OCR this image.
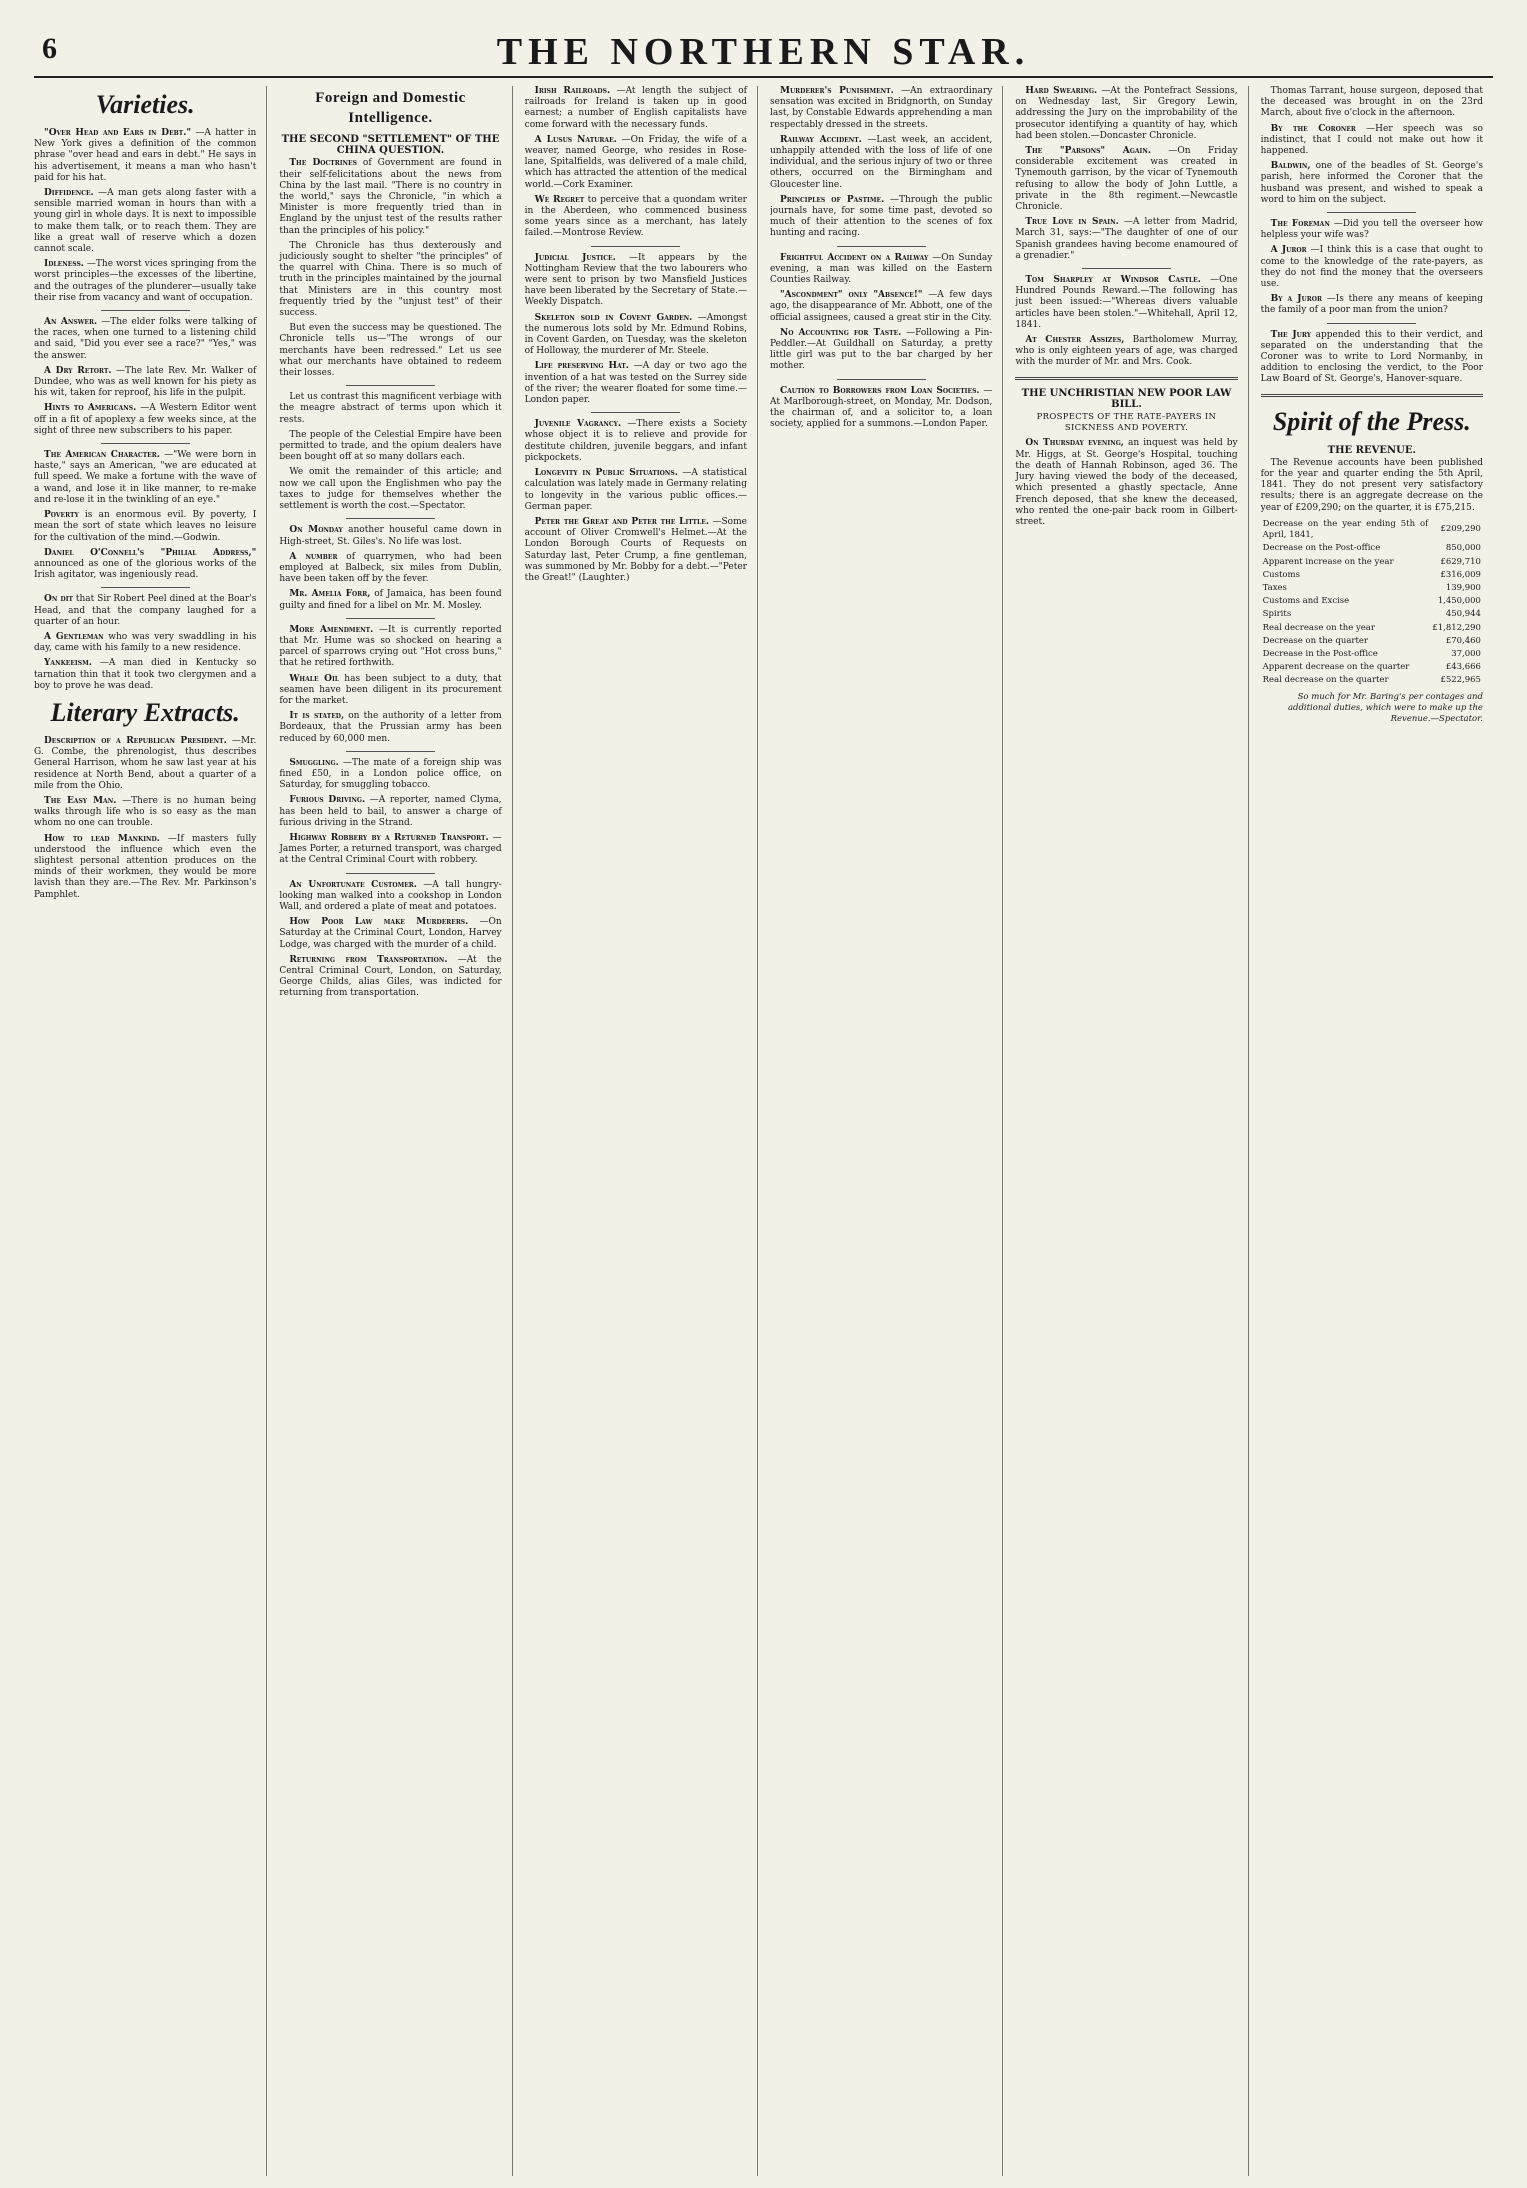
6	THE NORTHERN STAR.
Varieties.

"Over Head and Ears in Debt." —A hatter in New York gives a definition of the common phrase "over head and ears in debt." He says in his advertisement, it means a man who hasn't paid for his hat.

Diffidence. —A man gets along faster with a sensible married woman in hours than with a young girl in whole days. It is next to impossible to make them talk, or to reach them. They are like a great wall of reserve which a dozen cannot scale.

Idleness. —The worst vices springing from the worst principles—the excesses of the libertine, and the outrages of the plunderer—usually take their rise from vacancy and want of occupation.

An Answer. —The elder folks were talking of the races, when one turned to a listening child and said, "Did you ever see a race?" "Yes," was the answer.

A Dry Retort. —The late Rev. Mr. Walker of Dundee, who was as well known for his piety as his wit, taken for reproof, his life in the pulpit.

Hints to Americans. —A Western Editor went off in a fit of apoplexy a few weeks since, at the sight of three new subscribers to his paper.

The American Character. —"We were born in haste," says an American, "we are educated at full speed. We make a fortune with the wave of a wand, and lose it in like manner, to re-make and re-lose it in the twinkling of an eye."

Poverty is an enormous evil. By poverty, I mean the sort of state which leaves no leisure for the cultivation of the mind.—Godwin.

Daniel O'Connell's "Philial Address," announced as one of the glorious works of the Irish agitator, was ingeniously read.

On dit that Sir Robert Peel dined at the Boar's Head, and that the company laughed for a quarter of an hour.

A Gentleman who was very swaddling in his day, came with his family to a new residence.

Yankeeism. —A man died in Kentucky so tarnation thin that it took two clergymen and a boy to prove he was dead.

Literary Extracts.

Description of a Republican President. —Mr. G. Combe, the phrenologist, thus describes General Harrison, whom he saw last year at his residence at North Bend, about a quarter of a mile from the Ohio.

The Easy Man. —There is no human being walks through life who is so easy as the man whom no one can trouble.

How to lead Mankind. —If masters fully understood the influence which even the slightest personal attention produces on the minds of their workmen, they would be more lavish than they are.—The Rev. Mr. Parkinson's Pamphlet.

Foreign and Domestic Intelligence.
THE SECOND "SETTLEMENT" OF THE CHINA QUESTION.

The Doctrines of Government are found in their self-felicitations about the news from China by the last mail. "There is no country in the world," says the Chronicle, "in which a Minister is more frequently tried than in England by the unjust test of the results rather than the principles of his policy."

The Chronicle has thus dexterously and judiciously sought to shelter "the principles" of the quarrel with China. There is so much of truth in the principles maintained by the journal that Ministers are in this country most frequently tried by the "unjust test" of their success.

But even the success may be questioned. The Chronicle tells us—"The wrongs of our merchants have been redressed." Let us see what our merchants have obtained to redeem their losses.

Let us contrast this magnificent verbiage with the meagre abstract of terms upon which it rests.

The people of the Celestial Empire have been permitted to trade, and the opium dealers have been bought off at so many dollars each.

We omit the remainder of this article; and now we call upon the Englishmen who pay the taxes to judge for themselves whether the settlement is worth the cost.—Spectator.

On Monday another houseful came down in High-street, St. Giles's. No life was lost.

A number of quarrymen, who had been employed at Balbeck, six miles from Dublin, have been taken off by the fever.

Mr. Amelia Forr, of Jamaica, has been found guilty and fined for a libel on Mr. M. Mosley.

More Amendment. —It is currently reported that Mr. Hume was so shocked on hearing a parcel of sparrows crying out "Hot cross buns," that he retired forthwith.

Whale Oil has been subject to a duty, that seamen have been diligent in its procurement for the market.

It is stated, on the authority of a letter from Bordeaux, that the Prussian army has been reduced by 60,000 men.

Smuggling. —The mate of a foreign ship was fined £50, in a London police office, on Saturday, for smuggling tobacco.

Furious Driving. —A reporter, named Clyma, has been held to bail, to answer a charge of furious driving in the Strand.

Highway Robbery by a Returned Transport. —James Porter, a returned transport, was charged at the Central Criminal Court with robbery.

An Unfortunate Customer. —A tall hungry-looking man walked into a cookshop in London Wall, and ordered a plate of meat and potatoes.

How Poor Law make Murderers. —On Saturday at the Criminal Court, London, Harvey Lodge, was charged with the murder of a child.

Returning from Transportation. —At the Central Criminal Court, London, on Saturday, George Childs, alias Giles, was indicted for returning from transportation.

Irish Railroads. —At length the subject of railroads for Ireland is taken up in good earnest; a number of English capitalists have come forward with the necessary funds.

A Lusus Naturae. —On Friday, the wife of a weaver, named George, who resides in Rose-lane, Spitalfields, was delivered of a male child, which has attracted the attention of the medical world.—Cork Examiner.

We Regret to perceive that a quondam writer in the Aberdeen, who commenced business some years since as a merchant, has lately failed.—Montrose Review.

Judicial Justice. —It appears by the Nottingham Review that the two labourers who were sent to prison by two Mansfield Justices have been liberated by the Secretary of State.—Weekly Dispatch.

Skeleton sold in Covent Garden. —Amongst the numerous lots sold by Mr. Edmund Robins, in Covent Garden, on Tuesday, was the skeleton of Holloway, the murderer of Mr. Steele.

Life preserving Hat. —A day or two ago the invention of a hat was tested on the Surrey side of the river; the wearer floated for some time.—London paper.

Juvenile Vagrancy. —There exists a Society whose object it is to relieve and provide for destitute children, juvenile beggars, and infant pickpockets.

Longevity in Public Situations. —A statistical calculation was lately made in Germany relating to longevity in the various public offices.—German paper.

Peter the Great and Peter the Little. —Some account of Oliver Cromwell's Helmet.—At the London Borough Courts of Requests on Saturday last, Peter Crump, a fine gentleman, was summoned by Mr. Bobby for a debt.—"Peter the Great!" (Laughter.)

Murderer's Punishment. —An extraordinary sensation was excited in Bridgnorth, on Sunday last, by Constable Edwards apprehending a man respectably dressed in the streets.

Railway Accident. —Last week, an accident, unhappily attended with the loss of life of one individual, and the serious injury of two or three others, occurred on the Birmingham and Gloucester line.

Principles of Pastime. —Through the public journals have, for some time past, devoted so much of their attention to the scenes of fox hunting and racing.

Frightful Accident on a Railway —On Sunday evening, a man was killed on the Eastern Counties Railway.

"Ascondment" only "Absence!" —A few days ago, the disappearance of Mr. Abbott, one of the official assignees, caused a great stir in the City.

No Accounting for Taste. —Following a Pin-Peddler.—At Guildhall on Saturday, a pretty little girl was put to the bar charged by her mother.

Caution to Borrowers from Loan Societies. —At Marlborough-street, on Monday, Mr. Dodson, the chairman of, and a solicitor to, a loan society, applied for a summons.—London Paper.

Hard Swearing. —At the Pontefract Sessions, on Wednesday last, Sir Gregory Lewin, addressing the Jury on the improbability of the prosecutor identifying a quantity of hay, which had been stolen.—Doncaster Chronicle.

The "Parsons" Again. —On Friday considerable excitement was created in Tynemouth garrison, by the vicar of Tynemouth refusing to allow the body of John Luttle, a private in the 8th regiment.—Newcastle Chronicle.

True Love in Spain. —A letter from Madrid, March 31, says:—"The daughter of one of our Spanish grandees having become enamoured of a grenadier."

Tom Sharpley at Windsor Castle. —One Hundred Pounds Reward.—The following has just been issued:—"Whereas divers valuable articles have been stolen."—Whitehall, April 12, 1841.

At Chester Assizes, Bartholomew Murray, who is only eighteen years of age, was charged with the murder of Mr. and Mrs. Cook.

THE UNCHRISTIAN NEW POOR LAW BILL.
PROSPECTS OF THE RATE-PAYERS IN SICKNESS AND POVERTY.

On Thursday evening, an inquest was held by Mr. Higgs, at St. George's Hospital, touching the death of Hannah Robinson, aged 36. The Jury having viewed the body of the deceased, which presented a ghastly spectacle, Anne French deposed, that she knew the deceased, who rented the one-pair back room in Gilbert-street.

Thomas Tarrant, house surgeon, deposed that the deceased was brought in on the 23rd March, about five o'clock in the afternoon.

By the Coroner —Her speech was so indistinct, that I could not make out how it happened.

Baldwin, one of the beadles of St. George's parish, here informed the Coroner that the husband was present, and wished to speak a word to him on the subject.

The Foreman —Did you tell the overseer how helpless your wife was?

A Juror —I think this is a case that ought to come to the knowledge of the rate-payers, as they do not find the money that the overseers use.

By a Juror —Is there any means of keeping the family of a poor man from the union?

The Jury appended this to their verdict, and separated on the understanding that the Coroner was to write to Lord Normanby, in addition to enclosing the verdict, to the Poor Law Board of St. George's, Hanover-square.

Spirit of the Press.
THE REVENUE.

The Revenue accounts have been published for the year and quarter ending the 5th April, 1841. They do not present very satisfactory results; there is an aggregate decrease on the year of £209,290; on the quarter, it is £75,215.

Decrease on the year ending 5th of April, 1841,	£209,290
Decrease on the Post-office	850,000
Apparent increase on the year	£629,710
Customs	£316,009
Taxes	139,900
Customs and Excise	1,450,000
Spirits	450,944
Real decrease on the year	£1,812,290
Decrease on the quarter	£70,460
Decrease in the Post-office	37,000
Apparent decrease on the quarter	£43,666
Real decrease on the quarter	£522,965

So much for Mr. Baring's per contages and additional duties, which were to make up the Revenue.—Spectator.
